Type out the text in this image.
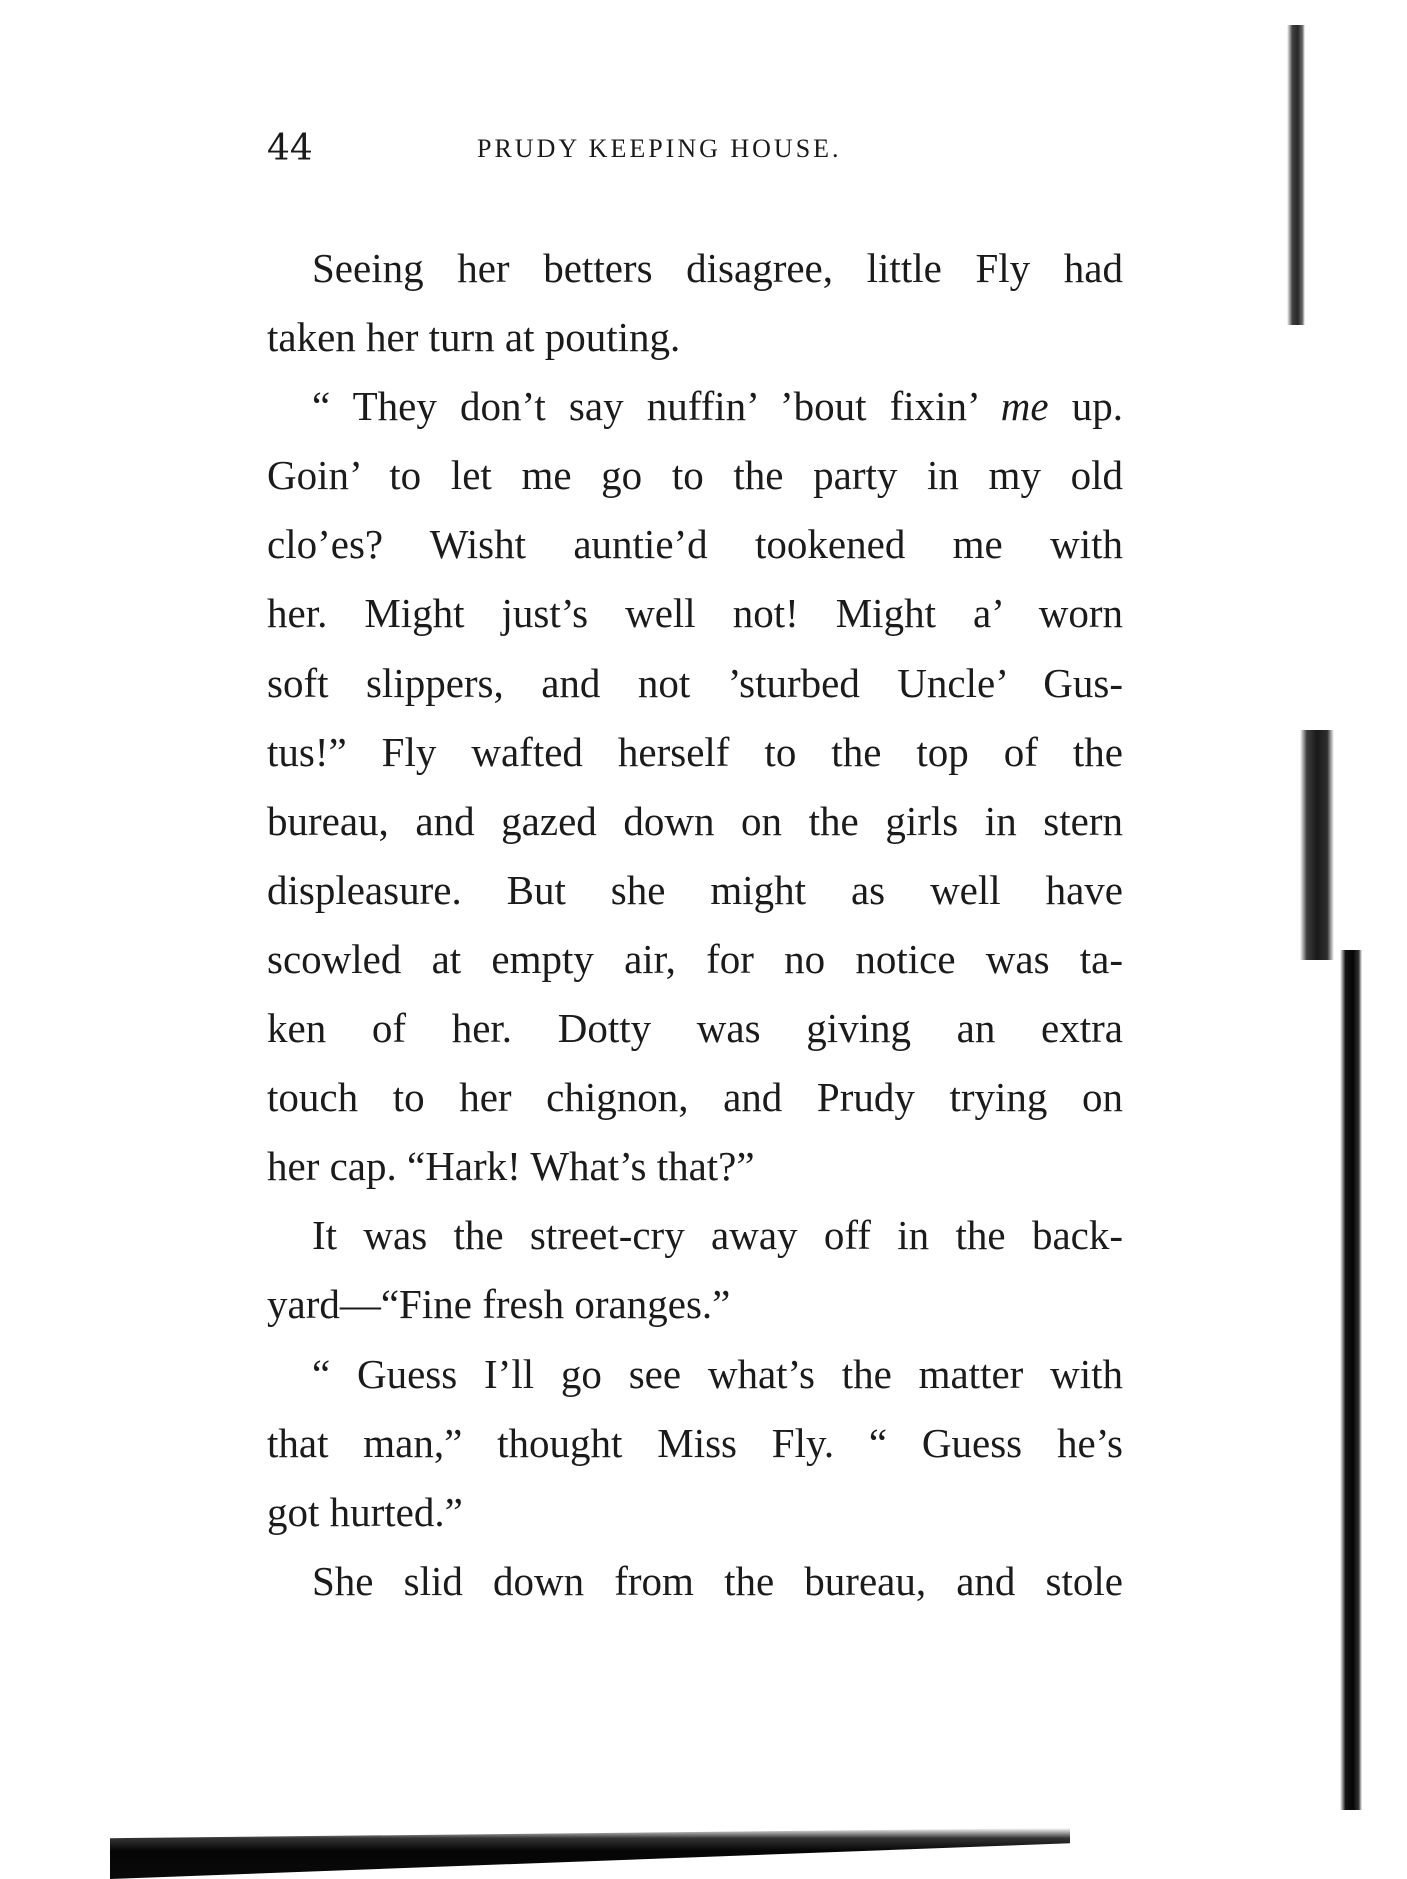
44	PRUDY KEEPING HOUSE.
Seeing her betters disagree, little Fly had
taken her turn at pouting.
“ They don’t say nuffin’ ’bout fixin’ me up.
Goin’ to let me go to the party in my old
clo’es? Wisht auntie’d tookened me with
her. Might just’s well not! Might a’ worn
soft slippers, and not ’sturbed Uncle’ Gus-
tus!” Fly wafted herself to the top of the
bureau, and gazed down on the girls in stern
displeasure. But she might as well have
scowled at empty air, for no notice was ta-
ken of her. Dotty was giving an extra
touch to her chignon, and Prudy trying on
her cap. “Hark! What’s that?”
It was the street-cry away off in the back-
yard—“Fine fresh oranges.”
“ Guess I’ll go see what’s the matter with
that man,” thought Miss Fly. “ Guess he’s
got hurted.”
She slid down from the bureau, and stole
